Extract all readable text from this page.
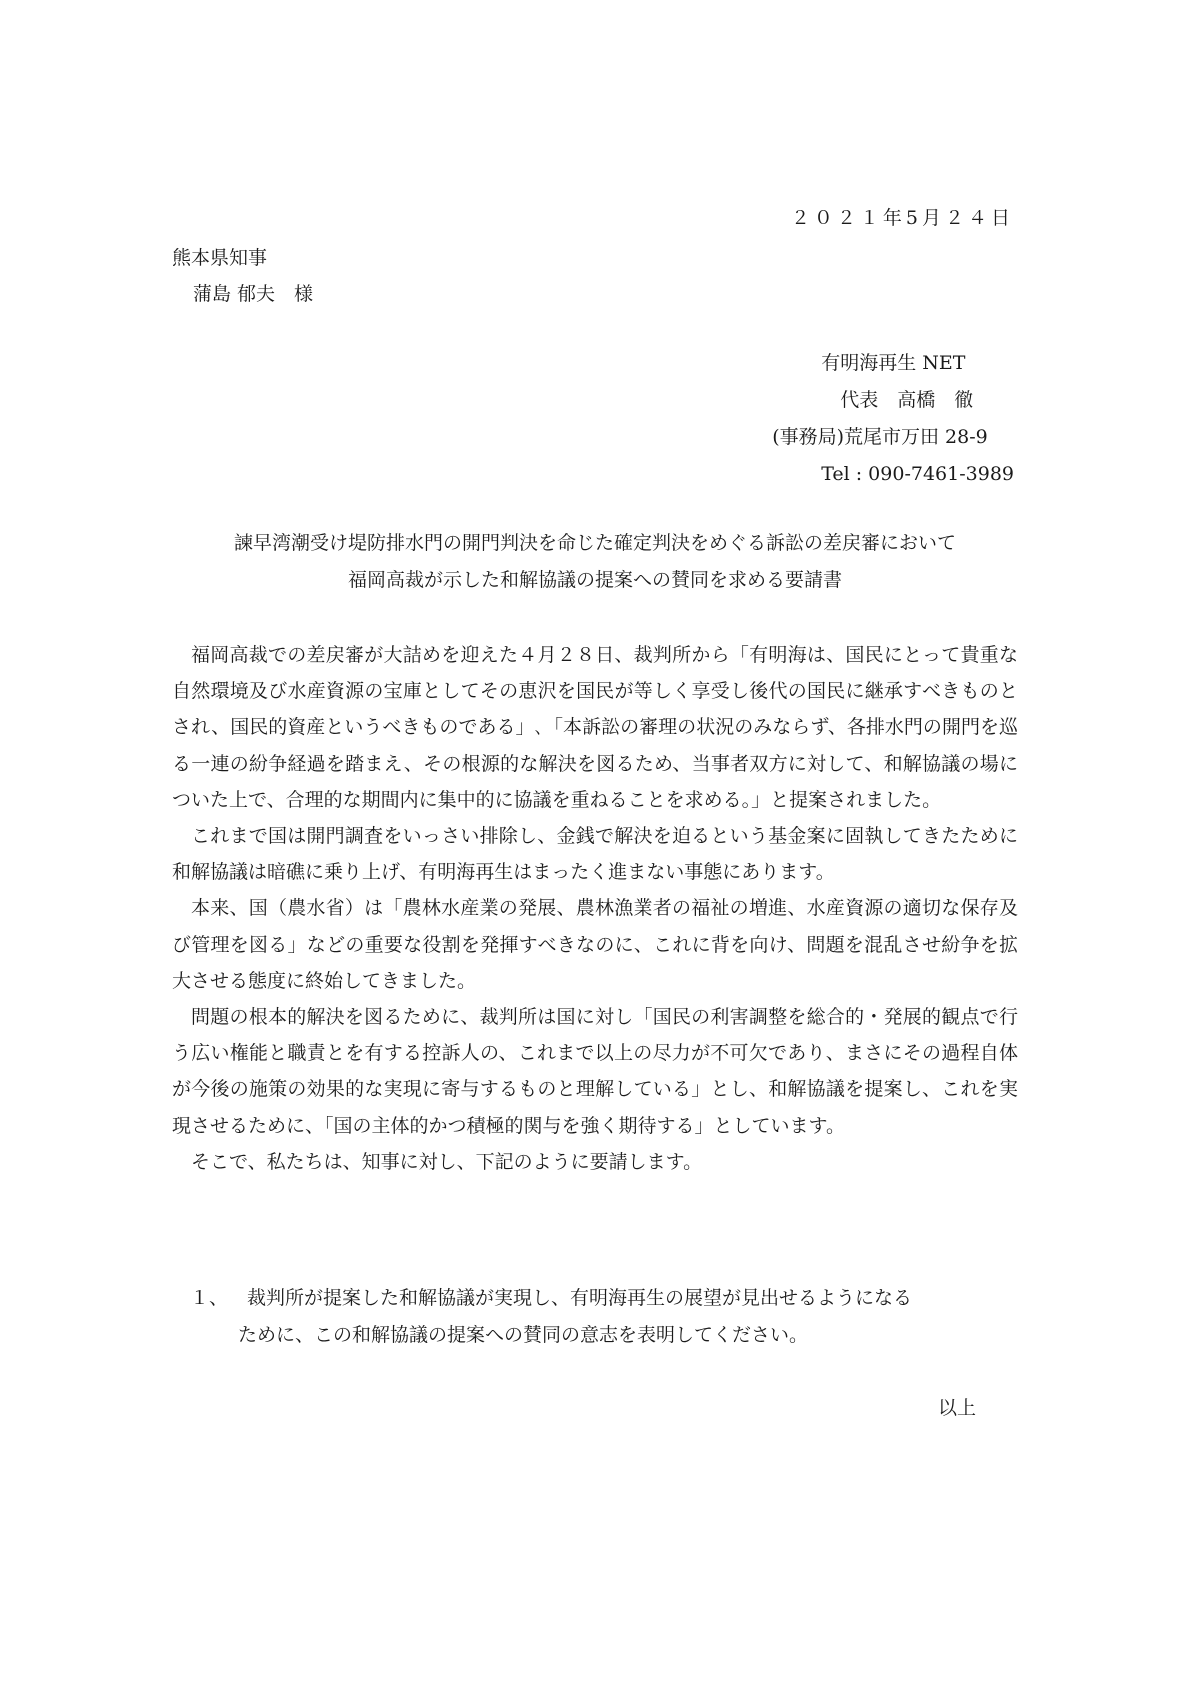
２０２１年5月２４日
熊本県知事
蒲島 郁夫　様
有明海再生 NET
代表　高橋　徹
(事務局)荒尾市万田 28-9
Tel : 090-7461-3989
諫早湾潮受け堤防排水門の開門判決を命じた確定判決をめぐる訴訟の差戻審において
福岡高裁が示した和解協議の提案への賛同を求める要請書

福岡高裁での差戻審が大詰めを迎えた４月２８日、裁判所から「有明海は、国民にとって貴重な自然環境及び水産資源の宝庫としてその恵沢を国民が等しく享受し後代の国民に継承すべきものとされ、国民的資産というべきものである」､「本訴訟の審理の状況のみならず、各排水門の開門を巡る一連の紛争経過を踏まえ、その根源的な解決を図るため、当事者双方に対して、和解協議の場についた上で、合理的な期間内に集中的に協議を重ねることを求める。」と提案されました。

これまで国は開門調査をいっさい排除し、金銭で解決を迫るという基金案に固執してきたために和解協議は暗礁に乗り上げ、有明海再生はまったく進まない事態にあります。

本来、国（農水省）は「農林水産業の発展、農林漁業者の福祉の増進、水産資源の適切な保存及び管理を図る」などの重要な役割を発揮すべきなのに、これに背を向け、問題を混乱させ紛争を拡大させる態度に終始してきました。

問題の根本的解決を図るために、裁判所は国に対し「国民の利害調整を総合的・発展的観点で行う広い権能と職責とを有する控訴人の、これまで以上の尽力が不可欠であり、まさにその過程自体が今後の施策の効果的な実現に寄与するものと理解している」とし、和解協議を提案し、これを実現させるために、「国の主体的かつ積極的関与を強く期待する」としています。

そこで、私たちは、知事に対し、下記のように要請します。

１、 裁判所が提案した和解協議が実現し、有明海再生の展望が見出せるようになる
ために、この和解協議の提案への賛同の意志を表明してください。
以上
